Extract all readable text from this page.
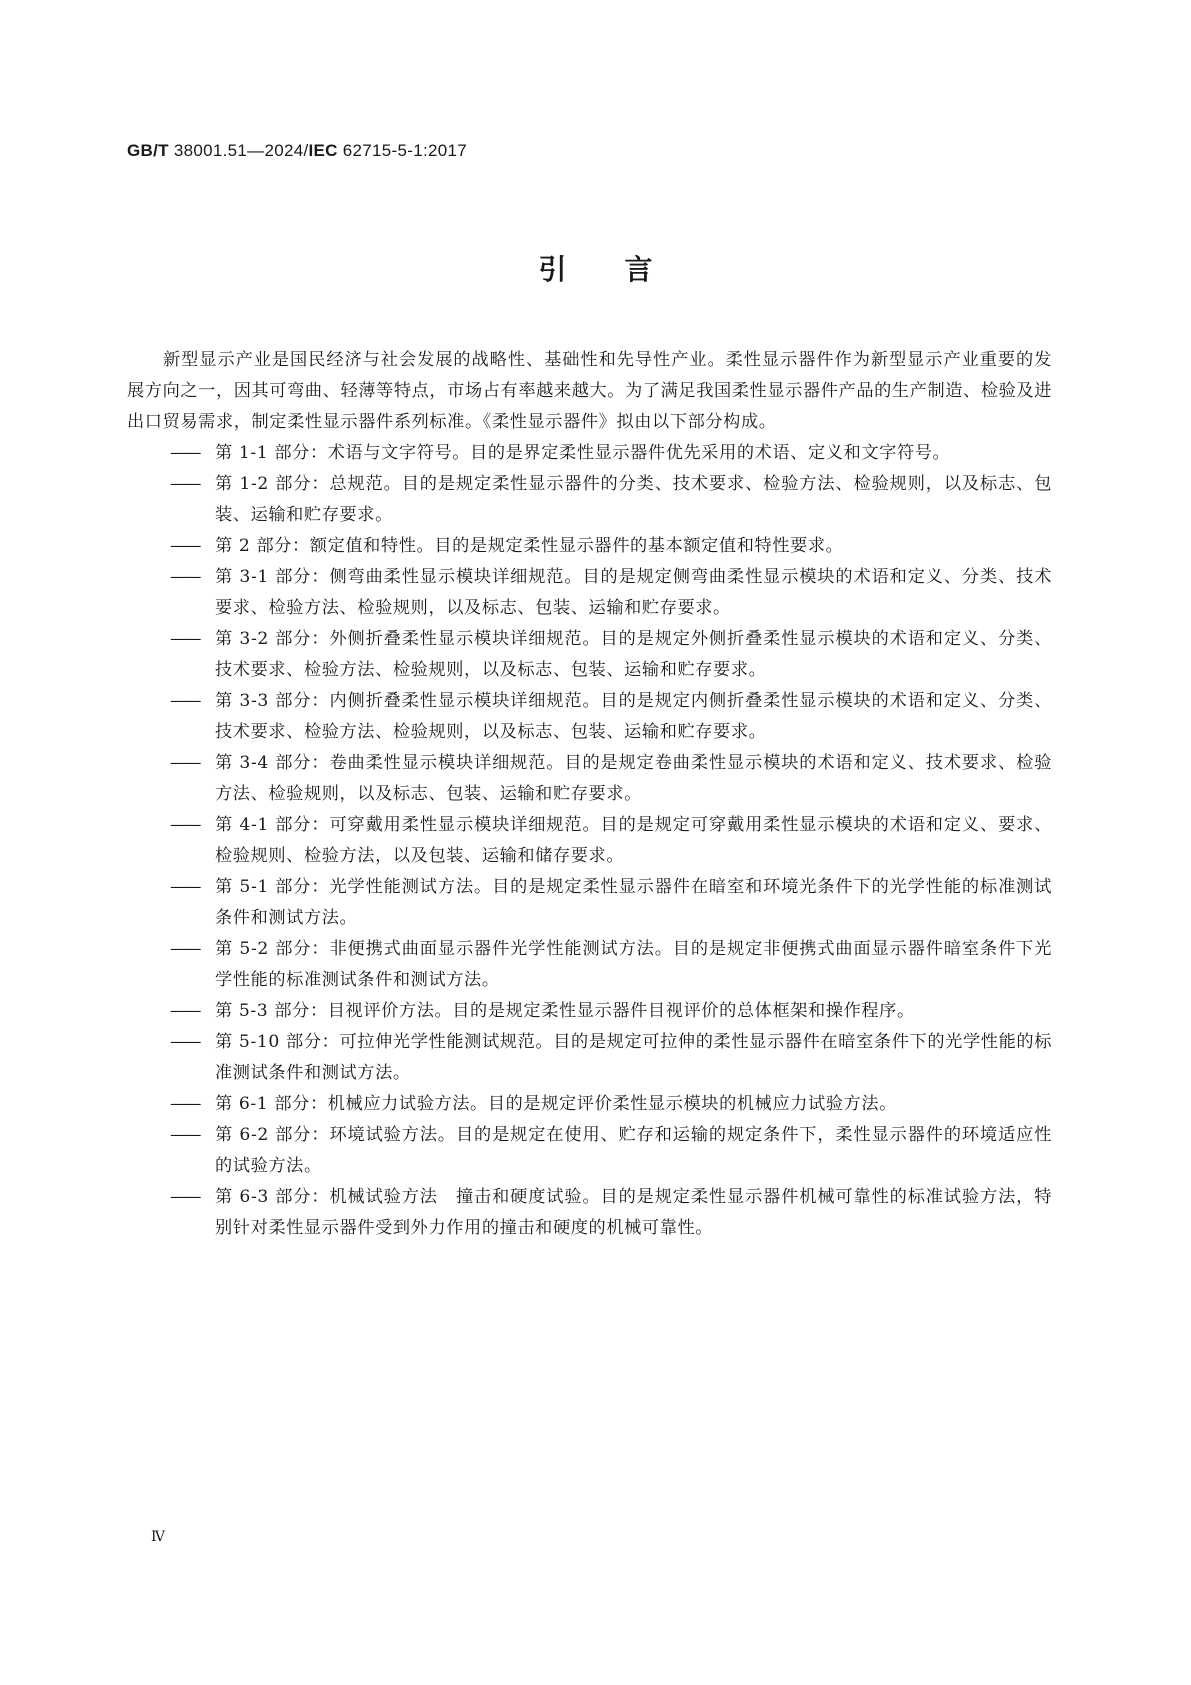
GB/T 38001.51—2024/IEC 62715-5-1:2017
引言

新型显示产业是国民经济与社会发展的战略性、基础性和先导性产业。柔性显示器件作为新型显示产业重要的发展方向之一，因其可弯曲、轻薄等特点，市场占有率越来越大。为了满足我国柔性显示器件产品的生产制造、检验及进出口贸易需求，制定柔性显示器件系列标准。《柔性显示器件》拟由以下部分构成。

—— 第 1-1 部分：术语与文字符号。目的是界定柔性显示器件优先采用的术语、定义和文字符号。
—— 第 1-2 部分：总规范。目的是规定柔性显示器件的分类、技术要求、检验方法、检验规则，以及标志、包装、运输和贮存要求。
—— 第 2 部分：额定值和特性。目的是规定柔性显示器件的基本额定值和特性要求。
—— 第 3-1 部分：侧弯曲柔性显示模块详细规范。目的是规定侧弯曲柔性显示模块的术语和定义、分类、技术要求、检验方法、检验规则，以及标志、包装、运输和贮存要求。
—— 第 3-2 部分：外侧折叠柔性显示模块详细规范。目的是规定外侧折叠柔性显示模块的术语和定义、分类、技术要求、检验方法、检验规则，以及标志、包装、运输和贮存要求。
—— 第 3-3 部分：内侧折叠柔性显示模块详细规范。目的是规定内侧折叠柔性显示模块的术语和定义、分类、技术要求、检验方法、检验规则，以及标志、包装、运输和贮存要求。
—— 第 3-4 部分：卷曲柔性显示模块详细规范。目的是规定卷曲柔性显示模块的术语和定义、技术要求、检验方法、检验规则，以及标志、包装、运输和贮存要求。
—— 第 4-1 部分：可穿戴用柔性显示模块详细规范。目的是规定可穿戴用柔性显示模块的术语和定义、要求、检验规则、检验方法，以及包装、运输和储存要求。
—— 第 5-1 部分：光学性能测试方法。目的是规定柔性显示器件在暗室和环境光条件下的光学性能的标准测试条件和测试方法。
—— 第 5-2 部分：非便携式曲面显示器件光学性能测试方法。目的是规定非便携式曲面显示器件暗室条件下光学性能的标准测试条件和测试方法。
—— 第 5-3 部分：目视评价方法。目的是规定柔性显示器件目视评价的总体框架和操作程序。
—— 第 5-10 部分：可拉伸光学性能测试规范。目的是规定可拉伸的柔性显示器件在暗室条件下的光学性能的标准测试条件和测试方法。
—— 第 6-1 部分：机械应力试验方法。目的是规定评价柔性显示模块的机械应力试验方法。
—— 第 6-2 部分：环境试验方法。目的是规定在使用、贮存和运输的规定条件下，柔性显示器件的环境适应性的试验方法。
—— 第 6-3 部分：机械试验方法　撞击和硬度试验。目的是规定柔性显示器件机械可靠性的标准试验方法，特别针对柔性显示器件受到外力作用的撞击和硬度的机械可靠性。
Ⅳ
